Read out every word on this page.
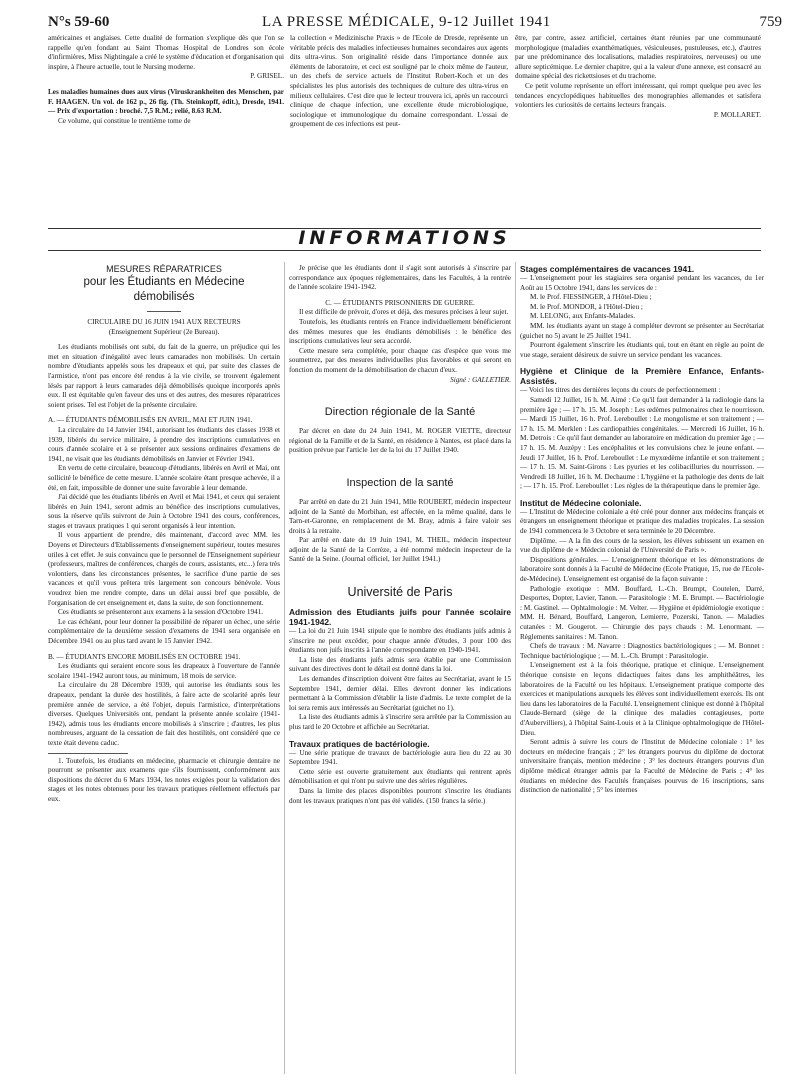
N°s 59-60	LA PRESSE MÉDICALE, 9-12 Juillet 1941	759

américaines et anglaises. Cette dualité de formation s'explique dès que l'on se rappelle qu'en fondant au Saint Thomas Hospital de Londres son école d'infirmières, Miss Nightingale a créé le système d'éducation et d'organisation qui inspire, à l'heure actuelle, tout le Nursing moderne.

P. GRISEL.

Les maladies humaines dues aux virus (Viruskrankheiten des Menschen, par F. HAAGEN. Un vol. de 162 p., 26 fig. (Th. Steinkopff, édit.), Dresde, 1941. — Prix d'exportation : broché. 7,5 R.M.; relié, 8.63 R.M.

Ce volume, qui constitue le trentième tome de

la collection « Medizinische Praxis » de l'Ecole de Dresde, représente un véritable précis des maladies infectieuses humaines secondaires aux agents dits ultra-virus. Son originalité réside dans l'importance donnée aux éléments de laboratoire, et ceci est souligné par le choix même de l'auteur, un des chefs de service actuels de l'Institut Robert-Koch et un des spécialistes les plus autorisés des techniques de culture des ultra-virus en milieux cellulaires. C'est dire que le lecteur trouvera ici, après un raccourci clinique de chaque infection, une excellente étude microbiologique, sociologique et immunologique du domaine correspondant. L'essai de groupement de ces infections est peut-

être, par contre, assez artificiel, certaines étant réunies par une communauté morphologique (maladies exanthématiques, vésiculeuses, pustuleuses, etc.), d'autres par une prédominance des localisations, maladies respiratoires, nerveuses) ou une allure septicémique. Le dernier chapitre, qui a la valeur d'une annexe, est consacré au domaine spécial des rickettsioses et du trachome.

Ce petit volume représente un effort intéressant, qui rompt quelque peu avec les tendances encyclopédiques habituelles des monographies allemandes et satisfera volontiers les curiosités de certains lecteurs français.

P. MOLLARET.

INFORMATIONS
MESURES RÉPARATRICES
pour les Étudiants en Médecine
démobilisés

CIRCULAIRE DU 16 JUIN 1941 AUX RECTEURS

(Enseignement Supérieur (2e Bureau).

Les étudiants mobilisés ont subi, du fait de la guerre, un préjudice qui les met en situation d'inégalité avec leurs camarades non mobilisés. Un certain nombre d'étudiants appelés sous les drapeaux et qui, par suite des classes de l'armistice, n'ont pas encore été rendus à la vie civile, se trouvent également lésés par rapport à leurs camarades déjà démobilisés quoique incorporés après eux. Il est équitable qu'en faveur des uns et des autres, des mesures réparatrices soient prises. Tel est l'objet de la présente circulaire.

A. — ÉTUDIANTS DÉMOBILISÉS EN AVRIL, MAI ET JUIN 1941.

La circulaire du 14 Janvier 1941, autorisant les étudiants des classes 1938 et 1939, libérés du service militaire, à prendre des inscriptions cumulatives en cours d'année scolaire et à se présenter aux sessions ordinaires d'examens de 1941, ne visait que les étudiants démobilisés en Janvier et Février 1941.

En vertu de cette circulaire, beaucoup d'étudiants, libérés en Avril et Mai, ont sollicité le bénéfice de cette mesure. L'année scolaire étant presque achevée, il a été, en fait, impossible de donner une suite favorable à leur demande.

J'ai décidé que les étudiants libérés en Avril et Mai 1941, et ceux qui seraient libérés en Juin 1941, seront admis au bénéfice des inscriptions cumulatives, sous la réserve qu'ils suivront de Juin à Octobre 1941 des cours, conférences, stages et travaux pratiques 1 qui seront organisés à leur intention.

Il vous appartient de prendre, dès maintenant, d'accord avec MM. les Doyens et Directeurs d'Etablissements d'enseignement supérieur, toutes mesures utiles à cet effet. Je suis convaincu que le personnel de l'Enseignement supérieur (professeurs, maîtres de conférences, chargés de cours, assistants, etc...) fera très volontiers, dans les circonstances présentes, le sacrifice d'une partie de ses vacances et qu'il vous prêtera très largement son concours bénévole. Vous voudrez bien me rendre compte, dans un délai aussi bref que possible, de l'organisation de cet enseignement et, dans la suite, de son fonctionnement.

Ces étudiants se présenteront aux examens à la session d'Octobre 1941.

Le cas échéant, pour leur donner la possibilité de réparer un échec, une série complémentaire de la deuxième session d'examens de 1941 sera organisée en Décembre 1941 ou au plus tard avant le 15 Janvier 1942.

B. — ÉTUDIANTS ENCORE MOBILISÉS EN OCTOBRE 1941.

Les étudiants qui seraient encore sous les drapeaux à l'ouverture de l'année scolaire 1941-1942 auront tous, au minimum, 18 mois de service.

La circulaire du 28 Décembre 1939, qui autorise les étudiants sous les drapeaux, pendant la durée des hostilités, à faire acte de scolarité après leur première année de service, a été l'objet, depuis l'armistice, d'interprétations diverses. Quelques Universités ont, pendant la présente année scolaire (1941-1942), admis tous les étudiants encore mobilisés à s'inscrire ; d'autres, les plus nombreuses, arguant de la cessation de fait des hostilités, ont considéré que ce texte était devenu caduc.

1. Toutefois, les étudiants en médecine, pharmacie et chirurgie dentaire ne pourront se présenter aux examens que s'ils fournissent, conformément aux dispositions du décret du 6 Mars 1934, les notes exigées pour la validation des stages et les notes obtenues pour les travaux pratiques réellement effectués par eux.

Je précise que les étudiants dont il s'agit sont autorisés à s'inscrire par correspondance aux époques réglementaires, dans les Facultés, à la rentrée de l'année scolaire 1941-1942.

C. — ÉTUDIANTS PRISONNIERS DE GUERRE.

Il est difficile de prévoir, d'ores et déjà, des mesures précises à leur sujet.

Toutefois, les étudiants rentrés en France individuellement bénéficieront des mêmes mesures que les étudiants démobilisés : le bénéfice des inscriptions cumulatives leur sera accordé.

Cette mesure sera complétée, pour chaque cas d'espèce que vous me soumettrez, par des mesures individuelles plus favorables et qui seront en fonction du moment de la démobilisation de chacun d'eux.

Signé : GALLETIER.

Direction régionale de la Santé

Par décret en date du 24 Juin 1941, M. ROGER VIETTE, directeur régional de la Famille et de la Santé, en résidence à Nantes, est placé dans la position prévue par l'article 1er de la loi du 17 Juillet 1940.

Inspection de la santé

Par arrêté en date du 21 Juin 1941, Mlle ROUBERT, médecin inspecteur adjoint de la Santé du Morbihan, est affectée, en la même qualité, dans le Tarn-et-Garonne, en remplacement de M. Bray, admis à faire valoir ses droits à la retraite.

Par arrêté en date du 19 Juin 1941, M. THEIL, médecin inspecteur adjoint de la Santé de la Corrèze, a été nommé médecin inspecteur de la Santé de la Seine. (Journal officiel, 1er Juillet 1941.)

Université de Paris

Admission des Etudiants juifs pour l'année scolaire 1941-1942.

— La loi du 21 Juin 1941 stipule que le nombre des étudiants juifs admis à s'inscrire ne peut excéder, pour chaque année d'études, 3 pour 100 des étudiants non juifs inscrits à l'année correspondante en 1940-1941.

La liste des étudiants juifs admis sera établie par une Commission suivant des directives dont le détail est donné dans la loi.

Les demandes d'inscription doivent être faites au Secrétariat, avant le 15 Septembre 1941, dernier délai. Elles devront donner les indications permettant à la Commission d'établir la liste d'admis. Le texte complet de la loi sera remis aux intéressés au Secrétariat (guichet no 1).

La liste des étudiants admis à s'inscrire sera arrêtée par la Commission au plus tard le 20 Octobre et affichée au Secrétariat.

Travaux pratiques de bactériologie.

— Une série pratique de travaux de bactériologie aura lieu du 22 au 30 Septembre 1941.

Cette série est ouverte gratuitement aux étudiants qui rentrent après démobilisation et qui n'ont pu suivre une des séries régulières.

Dans la limite des places disponibles pourront s'inscrire les étudiants dont les travaux pratiques n'ont pas été validés. (150 francs la série.)

Stages complémentaires de vacances 1941.

— L'enseignement pour les stagiaires sera organisé pendant les vacances, du 1er Août au 15 Octobre 1941, dans les services de :

M. le Prof. FIESSINGER, à l'Hôtel-Dieu ;

M. le Prof. MONDOR, à l'Hôtel-Dieu ;

M. LELONG, aux Enfants-Malades.

MM. les étudiants ayant un stage à compléter devront se présenter au Secrétariat (guichet no 5) avant le 25 Juillet 1941.

Pourront également s'inscrire les étudiants qui, tout en étant en règle au point de vue stage, seraient désireux de suivre un service pendant les vacances.

Hygiène et Clinique de la Première Enfance, Enfants-Assistés.

— Voici les titres des dernières leçons du cours de perfectionnement :

Samedi 12 Juillet, 16 h. M. Aimé : Ce qu'il faut demander à la radiologie dans la première âge ; — 17 h. 15. M. Joseph : Les œdèmes pulmonaires chez le nourrisson. — Mardi 15 Juillet, 16 h. Prof. Lereboullet : Le mongolisme et son traitement ; — 17 h. 15. M. Merklen : Les cardiopathies congénitales. — Mercredi 16 Juillet, 16 h. M. Detrois : Ce qu'il faut demander au laboratoire en médication du premier âge ; — 17 h. 15. M. Auzépy : Les encéphalites et les convulsions chez le jeune enfant. — Jeudi 17 Juillet, 16 h. Prof. Lereboullet : Le myxœdème infantile et son traitement ; — 17 h. 15. M. Saint-Girons : Les pyuries et les colibacilluries du nourrisson. — Vendredi 18 Juillet, 16 h. M. Dechaume : L'hygiène et la pathologie des dents de lait ; — 17 h. 15. Prof. Lereboullet : Les règles de la thérapeutique dans le premier âge.

Institut de Médecine coloniale.

— L'Institut de Médecine coloniale a été créé pour donner aux médecins français et étrangers un enseignement théorique et pratique des maladies tropicales. La session de 1941 commencera le 3 Octobre et sera terminée le 20 Décembre.

Diplôme. — A la fin des cours de la session, les élèves subissent un examen en vue du diplôme de « Médecin colonial de l'Université de Paris ».

Dispositions générales. — L'enseignement théorique et les démonstrations de laboratoire sont donnés à la Faculté de Médecine (Ecole Pratique, 15, rue de l'Ecole-de-Médecine). L'enseignement est organisé de la façon suivante :

Pathologie exotique : MM. Bouffard, L.-Ch. Brumpt, Coutelen, Darré, Desportes, Dopter, Lavier, Tanon. — Parasitologie : M. E. Brumpt. — Bactériologie : M. Gastinel. — Ophtalmologie : M. Velter. — Hygiène et épidémiologie exotique : MM. H. Bénard, Bouffard, Langeron, Lemierre, Pozerski, Tanon. — Maladies cutanées : M. Gougerot. — Chirurgie des pays chauds : M. Lenormant. — Règlements sanitaires : M. Tanon.

Chefs de travaux : M. Navarre : Diagnostics bactériologiques ; — M. Bonnet : Technique bactériologique ; — M. L.-Ch. Brumpt : Parasitologie.

L'enseignement est à la fois théorique, pratique et clinique. L'enseignement théorique consiste en leçons didactiques faites dans les amphithéâtres, les laboratoires de la Faculté ou les hôpitaux. L'enseignement pratique comporte des exercices et manipulations auxquels les élèves sont individuellement exercés. Ils ont lieu dans les laboratoires de la Faculté. L'enseignement clinique est donné à l'hôpital Claude-Bernard (siège de la clinique des maladies contagieuses, porte d'Aubervilliers), à l'hôpital Saint-Louis et à la Clinique ophtalmologique de l'Hôtel-Dieu.

Seront admis à suivre les cours de l'Institut de Médecine coloniale : 1° les docteurs en médecine français ; 2° les étrangers pourvus du diplôme de doctorat universitaire français, mention médecine ; 3° les docteurs étrangers pourvus d'un diplôme médical étranger admis par la Faculté de Médecine de Paris ; 4° les étudiants en médecine des Facultés françaises pourvus de 16 inscriptions, sans distinction de nationalité ; 5° les internes
